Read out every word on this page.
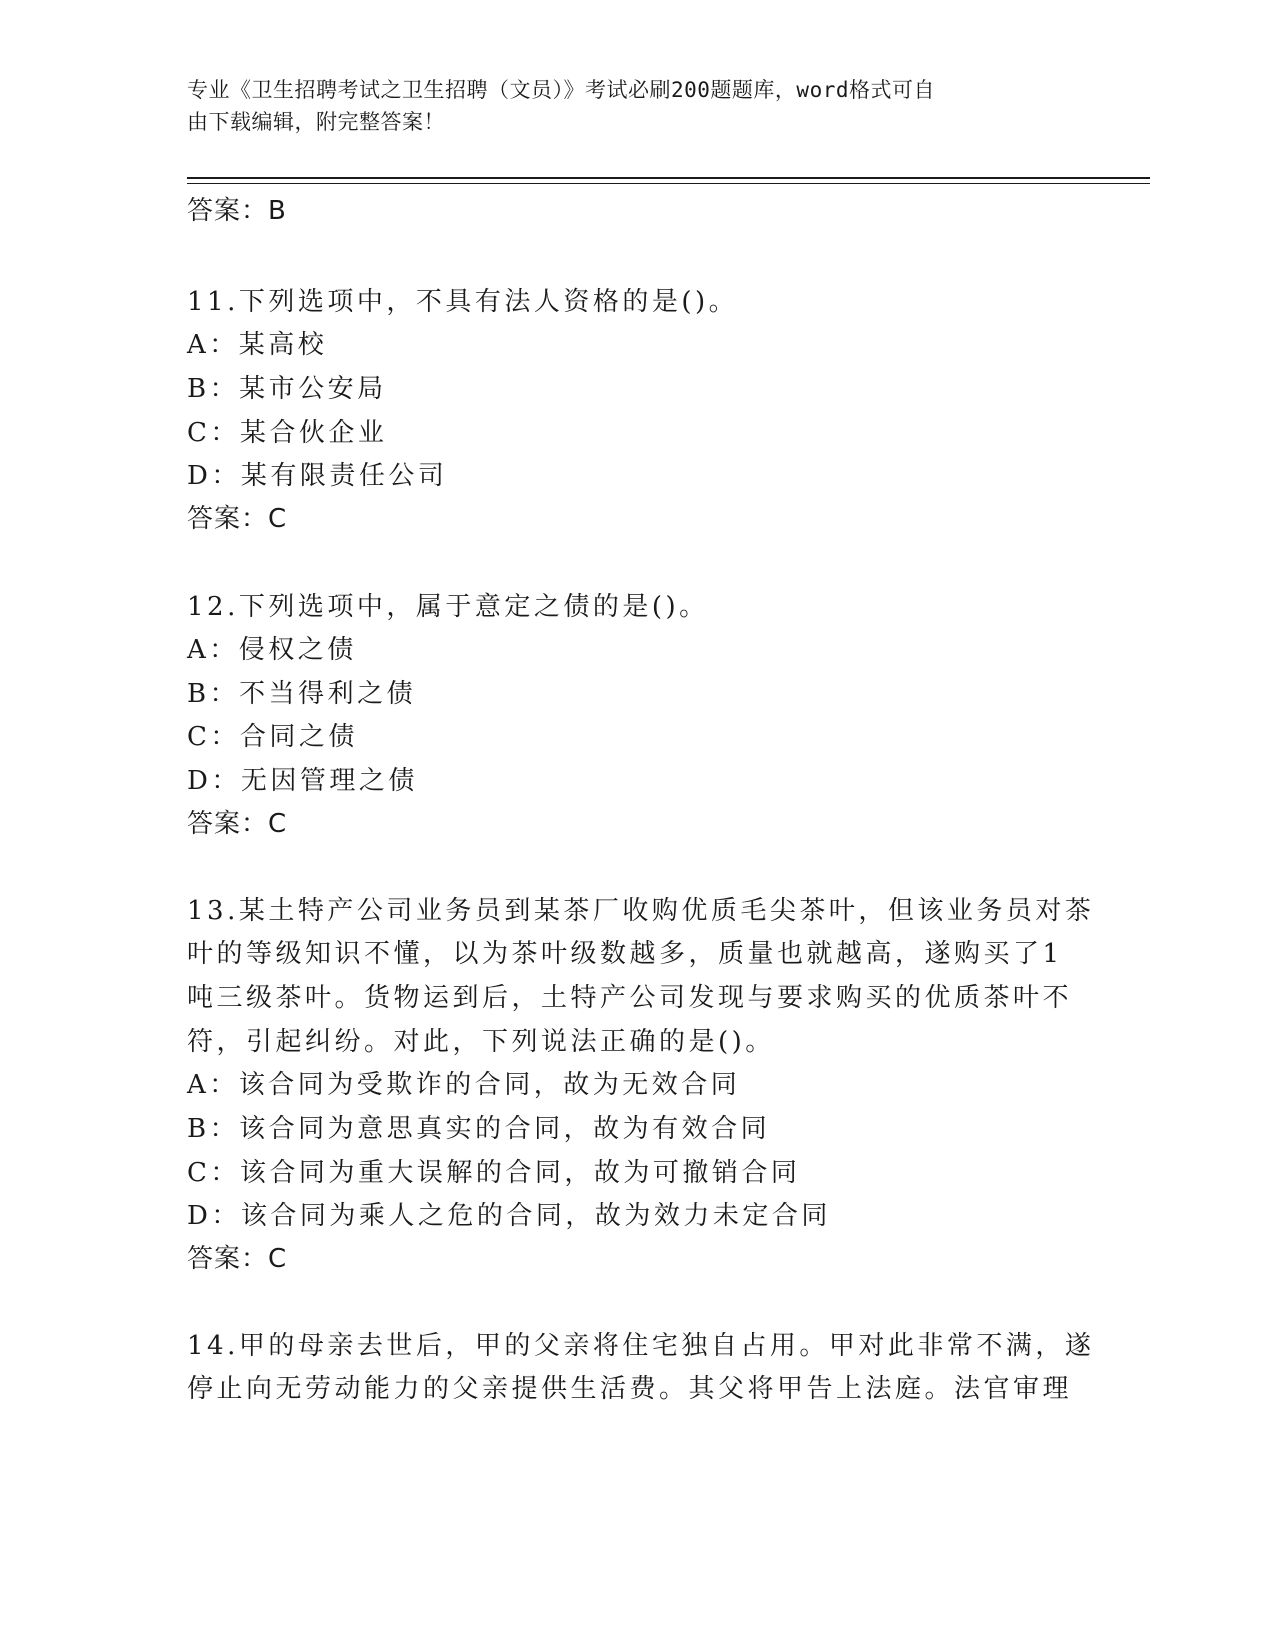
专业《卫生招聘考试之卫生招聘（文员）》考试必刷200题题库，word格式可自
由下载编辑，附完整答案！
答案：B
11.下列选项中，不具有法人资格的是()。
A：某高校
B：某市公安局
C：某合伙企业
D：某有限责任公司
答案：C
12.下列选项中，属于意定之债的是()。
A：侵权之债
B：不当得利之债
C：合同之债
D：无因管理之债
答案：C
13.某土特产公司业务员到某茶厂收购优质毛尖茶叶，但该业务员对茶
叶的等级知识不懂，以为茶叶级数越多，质量也就越高，遂购买了1
吨三级茶叶。货物运到后，土特产公司发现与要求购买的优质茶叶不
符，引起纠纷。对此，下列说法正确的是()。
A：该合同为受欺诈的合同，故为无效合同
B：该合同为意思真实的合同，故为有效合同
C：该合同为重大误解的合同，故为可撤销合同
D：该合同为乘人之危的合同，故为效力未定合同
答案：C
14.甲的母亲去世后，甲的父亲将住宅独自占用。甲对此非常不满，遂
停止向无劳动能力的父亲提供生活费。其父将甲告上法庭。法官审理
